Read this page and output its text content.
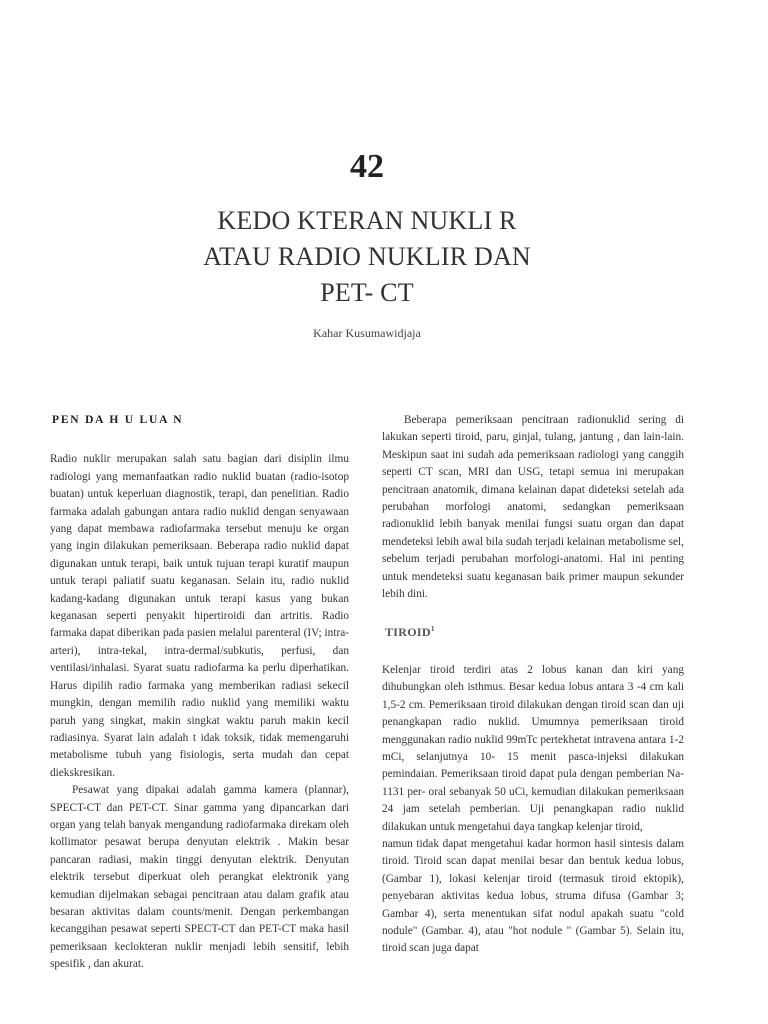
42
KEDO KTERAN NUKLI R
ATAU RADIO NUKLIR DAN
PET- CT
Kahar Kusumawidjaja
PEN DA H U LUA N

Radio nuklir merupakan salah satu bagian dari disiplin ilmu radiologi yang memanfaatkan radio nuklid buatan (radio-isotop buatan) untuk keperluan diagnostik, terapi, dan penelitian. Radio farmaka adalah gabungan antara radio nuklid dengan senyawaan yang dapat membawa radiofarmaka tersebut menuju ke organ yang ingin dilakukan pemeriksaan. Beberapa radio nuklid dapat digunakan untuk terapi, baik untuk tujuan terapi kuratif maupun untuk terapi paliatif suatu keganasan. Selain itu, radio nuklid kadang-kadang digunakan untuk terapi kasus yang bukan keganasan seperti penyakit hipertiroidi dan artritis. Radio farmaka dapat diberikan pada pasien melalui parenteral (IV; intra-arteri), intra-tekal, intra-dermal/subkutis, perfusi, dan ventilasi/inhalasi. Syarat suatu radiofarma ka perlu diperhatikan. Harus dipilih radio farmaka yang memberikan radiasi sekecil mungkin, dengan memilih radio nuklid yang memiliki waktu paruh yang singkat, makin singkat waktu paruh makin kecil radiasinya. Syarat lain adalah t idak toksik, tidak memengaruhi metabolisme tubuh yang fisiologis, serta mudah dan cepat diekskresikan.

Pesawat yang dipakai adalah gamma kamera (plannar), SPECT-CT dan PET-CT. Sinar gamma yang dipancarkan dari organ yang telah banyak mengandung radiofarmaka direkam oleh kollimator pesawat berupa denyutan elektrik . Makin besar pancaran radiasi, makin tinggi denyutan elektrik. Denyutan elektrik tersebut diperkuat oleh perangkat elektronik yang kemudian dijelmakan sebagai pencitraan atau dalam grafik atau besaran aktivitas dalam counts/menit. Dengan perkembangan kecanggihan pesawat seperti SPECT-CT dan PET-CT maka hasil pemeriksaan keclokteran nuklir menjadi lebih sensitif, lebih spesifik , dan akurat.

Beberapa pemeriksaan pencitraan radionuklid sering di lakukan seperti tiroid, paru, ginjal, tulang, jantung , dan lain-lain. Meskipun saat ini sudah ada pemeriksaan radiologi yang canggih seperti CT scan, MRI dan USG, tetapi semua ini merupakan pencitraan anatomik, dimana kelainan dapat dideteksi setelah ada perubahan morfologi anatomi, sedangkan pemeriksaan radionuklid lebih banyak menilai fungsi suatu organ dan dapat mendeteksi lebih awal bila sudah terjadi kelainan metabolisme sel, sebelum terjadi perubahan morfologi-anatomi. Hal ini penting untuk mendeteksi suatu keganasan baik primer maupun sekunder lebih dini.

TIROID$^1$

Kelenjar tiroid terdiri atas 2 lobus kanan dan kiri yang dihubungkan oleh isthmus. Besar kedua lobus antara 3 -4 cm kali 1,5-2 cm. Pemeriksaan tiroid dilakukan dengan tiroid scan dan uji penangkapan radio nuklid. Umumnya pemeriksaan tiroid menggunakan radio nuklid 99mTc pertekhetat intravena antara 1-2 mCi, selanjutnya 10- 15 menit pasca-injeksi dilakukan pemindaian. Pemeriksaan tiroid dapat pula dengan pemberian Na-1131 per- oral sebanyak 50 uCi, kemudian dilakukan pemeriksaan 24 jam setelah pemberian. Uji penangkapan radio nuklid dilakukan untuk mengetahui daya tangkap kelenjar tiroid,

namun tidak dapat mengetahui kadar hormon hasil sintesis dalam tiroid. Tiroid scan dapat menilai besar dan bentuk kedua lobus, (Gambar 1), lokasi kelenjar tiroid (termasuk tiroid ektopik), penyebaran aktivitas kedua lobus, struma difusa (Gambar 3; Gambar 4), serta menentukan sifat nodul apakah suatu "cold nodule" (Gambar. 4), atau "hot nodule " (Gambar 5). Selain itu, tiroid scan juga dapat
